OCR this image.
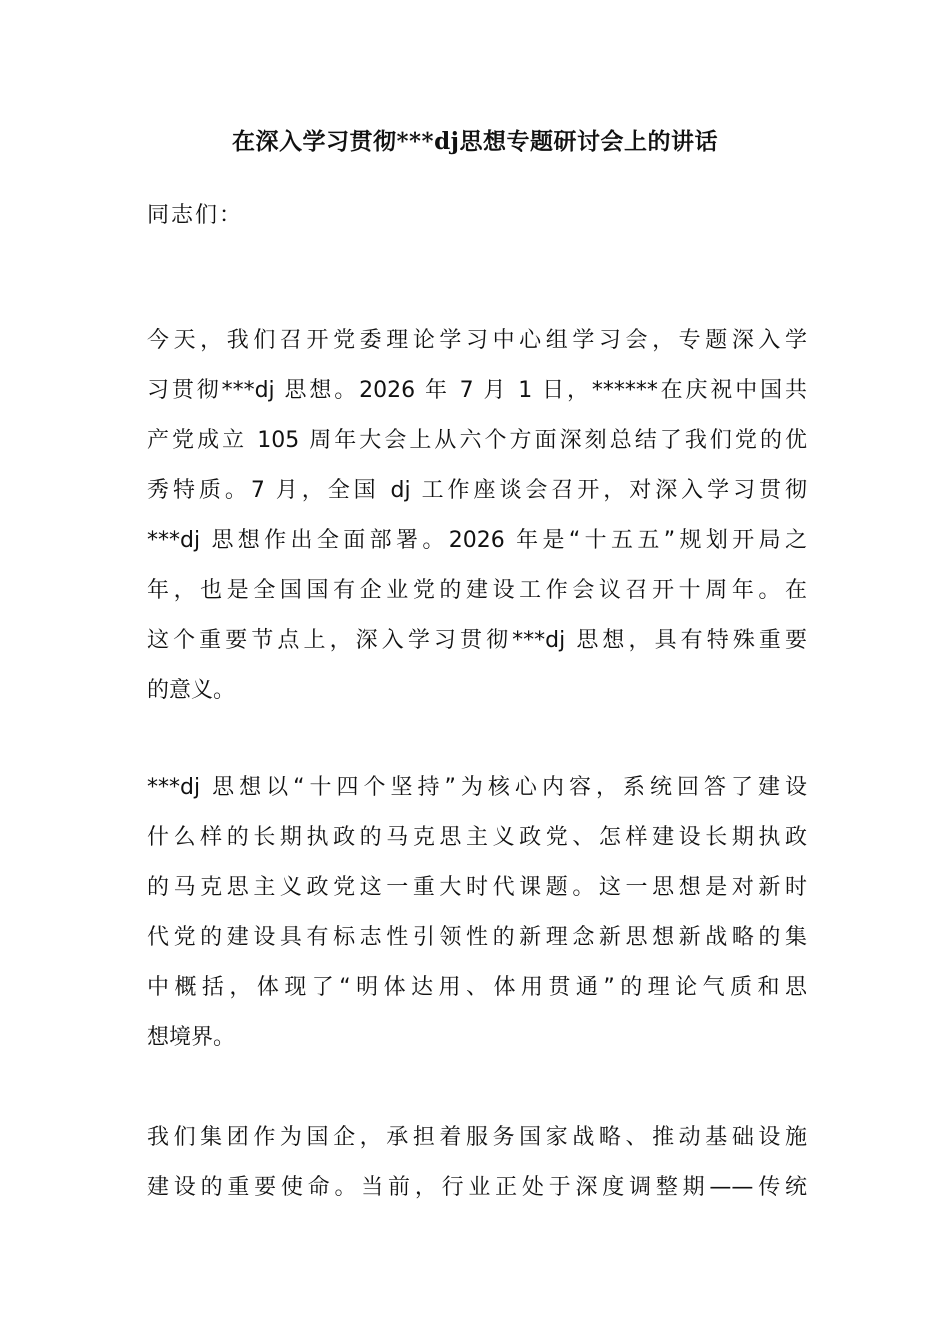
在深入学习贯彻***dj思想专题研讨会上的讲话
同志们：
今天，我们召开党委理论学习中心组学习会，专题深入学
习贯彻***dj 思想。2026 年 7 月 1 日，******在庆祝中国共
产党成立 105 周年大会上从六个方面深刻总结了我们党的优
秀特质。7 月，全国 dj 工作座谈会召开，对深入学习贯彻
***dj 思想作出全面部署。2026 年是“十五五”规划开局之
年，也是全国国有企业党的建设工作会议召开十周年。在
这个重要节点上，深入学习贯彻***dj 思想，具有特殊重要
的意义。
***dj 思想以“十四个坚持”为核心内容，系统回答了建设
什么样的长期执政的马克思主义政党、怎样建设长期执政
的马克思主义政党这一重大时代课题。这一思想是对新时
代党的建设具有标志性引领性的新理念新思想新战略的集
中概括，体现了“明体达用、体用贯通”的理论气质和思
想境界。
我们集团作为国企，承担着服务国家战略、推动基础设施
建设的重要使命。当前，行业正处于深度调整期——传统
